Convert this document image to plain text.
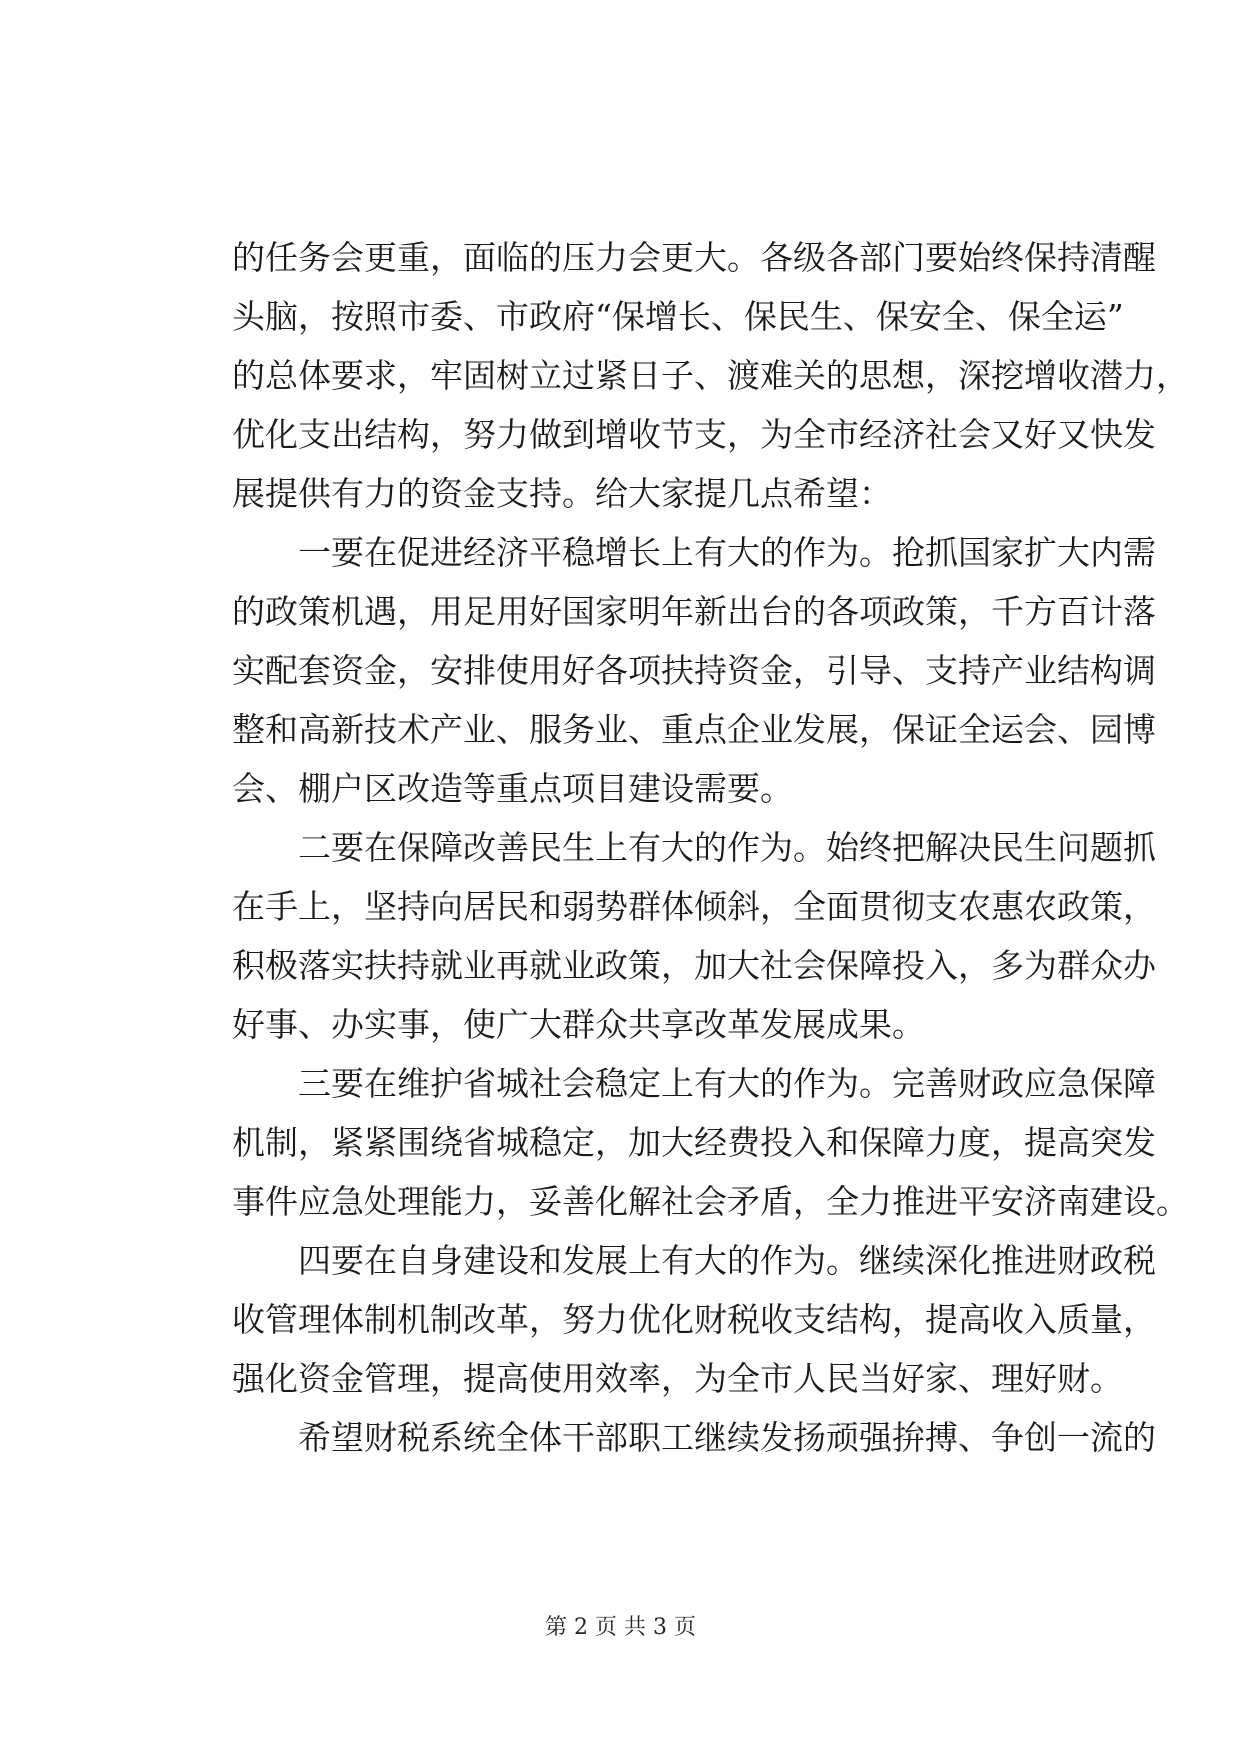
的任务会更重，面临的压力会更大。各级各部门要始终保持清醒
头脑，按照市委、市政府“保增长、保民生、保安全、保全运”
的总体要求，牢固树立过紧日子、渡难关的思想，深挖增收潜力，
优化支出结构，努力做到增收节支，为全市经济社会又好又快发
展提供有力的资金支持。给大家提几点希望：
一要在促进经济平稳增长上有大的作为。抢抓国家扩大内需
的政策机遇，用足用好国家明年新出台的各项政策，千方百计落
实配套资金，安排使用好各项扶持资金，引导、支持产业结构调
整和高新技术产业、服务业、重点企业发展，保证全运会、园博
会、棚户区改造等重点项目建设需要。
二要在保障改善民生上有大的作为。始终把解决民生问题抓
在手上，坚持向居民和弱势群体倾斜，全面贯彻支农惠农政策，
积极落实扶持就业再就业政策，加大社会保障投入，多为群众办
好事、办实事，使广大群众共享改革发展成果。
三要在维护省城社会稳定上有大的作为。完善财政应急保障
机制，紧紧围绕省城稳定，加大经费投入和保障力度，提高突发
事件应急处理能力，妥善化解社会矛盾，全力推进平安济南建设。
四要在自身建设和发展上有大的作为。继续深化推进财政税
收管理体制机制改革，努力优化财税收支结构，提高收入质量，
强化资金管理，提高使用效率，为全市人民当好家、理好财。
希望财税系统全体干部职工继续发扬顽强拚搏、争创一流的
第 2 页 共 3 页
